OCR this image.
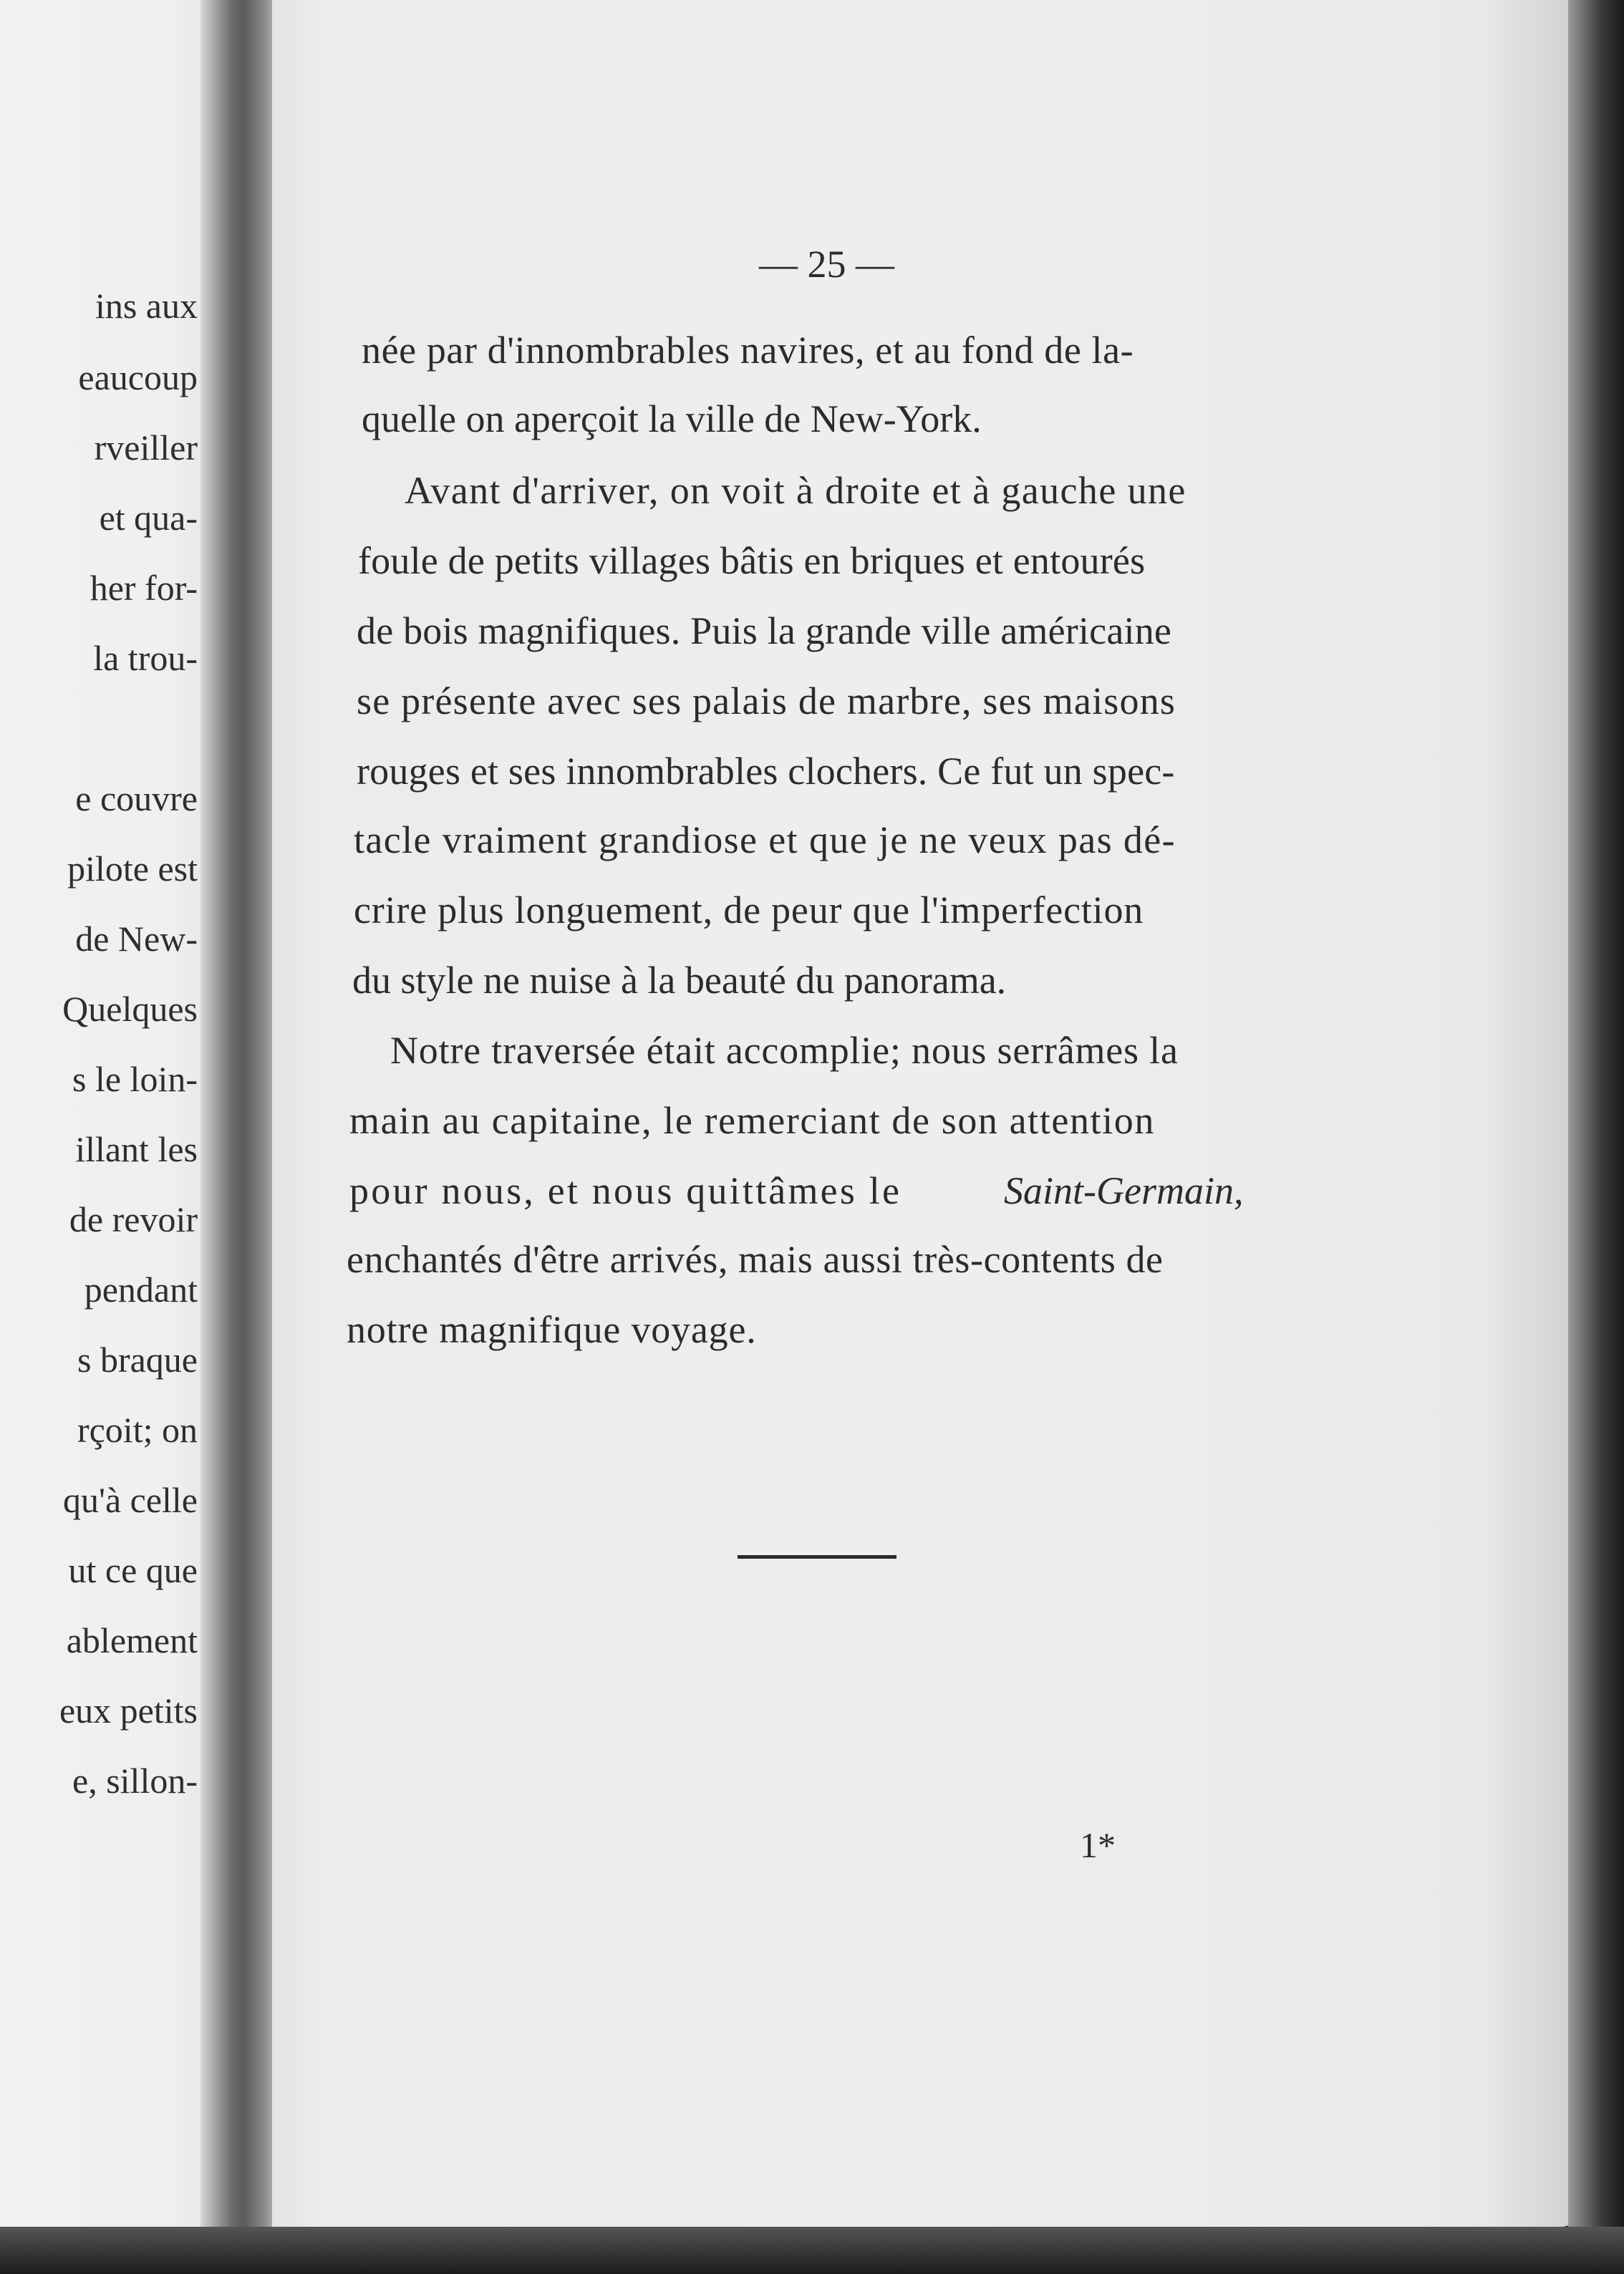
ins aux
eaucoup
rveiller
et qua-
her for-
la trou-
e couvre
pilote est
de New-
Quelques
s le loin-
illant les
de revoir
pendant
s braque
rçoit; on
qu'à celle
ut ce que
ablement
eux petits
e, sillon-
— 25 —
née par d'innombrables navires, et au fond de la-
quelle on aperçoit la ville de New-York.
Avant d'arriver, on voit à droite et à gauche une
foule de petits villages bâtis en briques et entourés
de bois magnifiques. Puis la grande ville américaine
se présente avec ses palais de marbre, ses maisons
rouges et ses innombrables clochers. Ce fut un spec-
tacle vraiment grandiose et que je ne veux pas dé-
crire plus longuement, de peur que l'imperfection
du style ne nuise à la beauté du panorama.
Notre traversée était accomplie; nous serrâmes la
main au capitaine, le remerciant de son attention
pour nous, et nous quittâmes le	Saint-Germain,
enchantés d'être arrivés, mais aussi très-contents de
notre magnifique voyage.
1*
